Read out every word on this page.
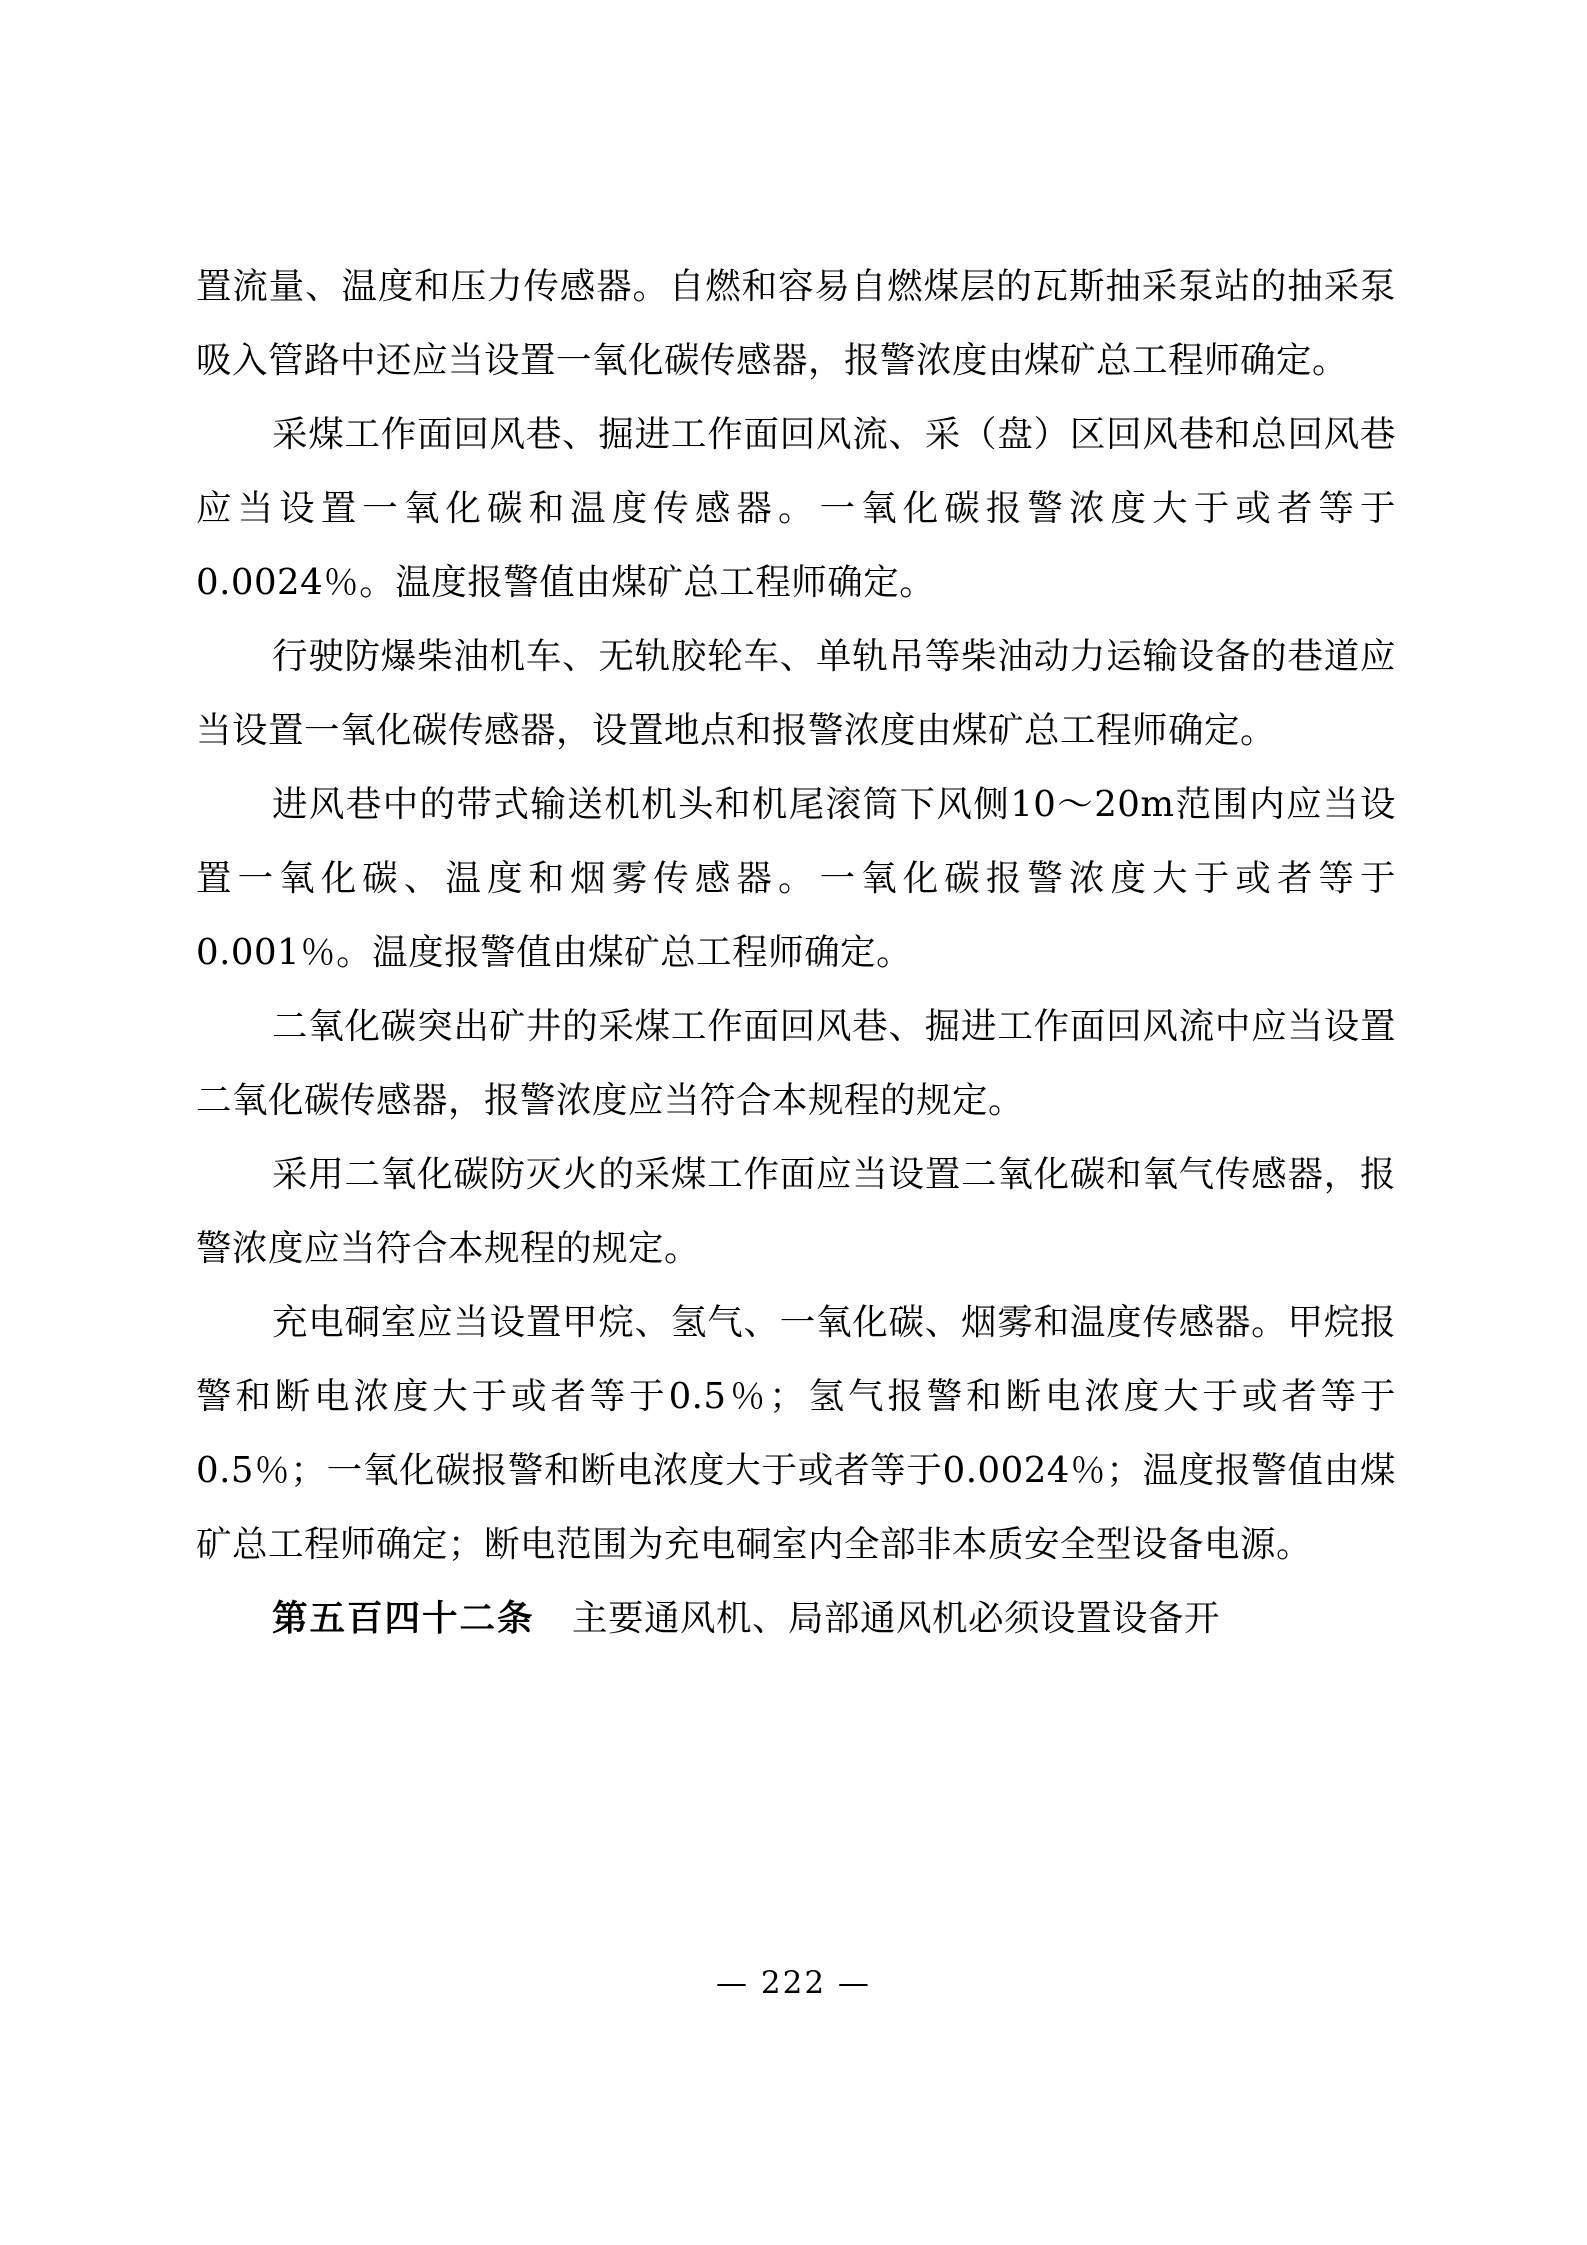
置流量、温度和压力传感器。自燃和容易自燃煤层的瓦斯抽采泵站的抽采泵吸入管路中还应当设置一氧化碳传感器，报警浓度由煤矿总工程师确定。

采煤工作面回风巷、掘进工作面回风流、采（盘）区回风巷和总回风巷应当设置一氧化碳和温度传感器。一氧化碳报警浓度大于或者等于0.0024％。温度报警值由煤矿总工程师确定。

行驶防爆柴油机车、无轨胶轮车、单轨吊等柴油动力运输设备的巷道应当设置一氧化碳传感器，设置地点和报警浓度由煤矿总工程师确定。

进风巷中的带式输送机机头和机尾滚筒下风侧10～20m范围内应当设置一氧化碳、温度和烟雾传感器。一氧化碳报警浓度大于或者等于0.001％。温度报警值由煤矿总工程师确定。

二氧化碳突出矿井的采煤工作面回风巷、掘进工作面回风流中应当设置二氧化碳传感器，报警浓度应当符合本规程的规定。

采用二氧化碳防灭火的采煤工作面应当设置二氧化碳和氧气传感器，报警浓度应当符合本规程的规定。

充电硐室应当设置甲烷、氢气、一氧化碳、烟雾和温度传感器。甲烷报警和断电浓度大于或者等于0.5％；氢气报警和断电浓度大于或者等于 0.5％；一氧化碳报警和断电浓度大于或者等于0.0024％；温度报警值由煤矿总工程师确定；断电范围为充电硐室内全部非本质安全型设备电源。

第五百四十二条　主要通风机、局部通风机必须设置设备开

— 222 —
